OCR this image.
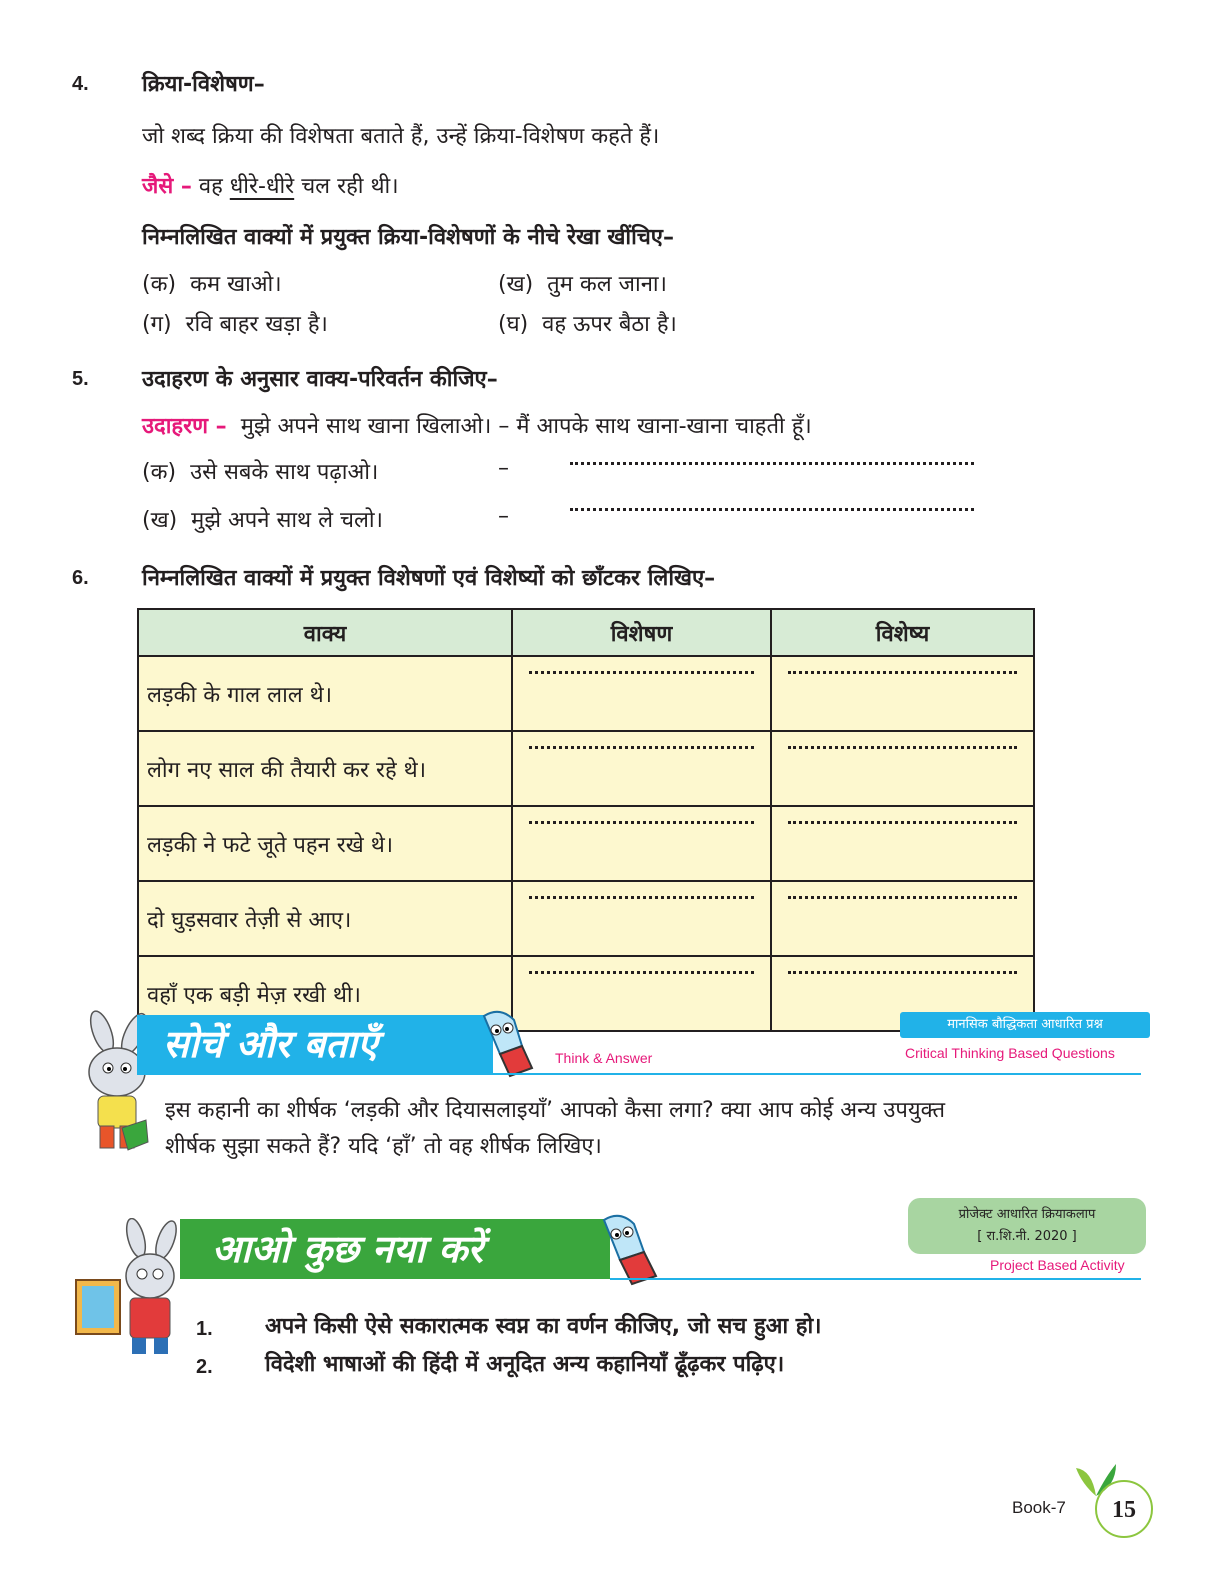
4. क्रिया-विशेषण–
जो शब्द क्रिया की विशेषता बताते हैं, उन्हें क्रिया-विशेषण कहते हैं।
जैसे – वह धीरे-धीरे चल रही थी।
निम्नलिखित वाक्यों में प्रयुक्त क्रिया-विशेषणों के नीचे रेखा खींचिए–
(क) कम खाओ।	(ख) तुम कल जाना।
(ग) रवि बाहर खड़ा है।	(घ) वह ऊपर बैठा है।
5. उदाहरण के अनुसार वाक्य-परिवर्तन कीजिए–
उदाहरण – मुझे अपने साथ खाना खिलाओ। – मैं आपके साथ खाना-खाना चाहती हूँ।
(क) उसे सबके साथ पढ़ाओ।	–
(ख) मुझे अपने साथ ले चलो।	–
6. निम्नलिखित वाक्यों में प्रयुक्त विशेषणों एवं विशेष्यों को छाँटकर लिखिए–
वाक्य	विशेषण	विशेष्य
लड़की के गाल लाल थे।	

लोग नए साल की तैयारी कर रहे थे।	

लड़की ने फटे जूते पहन रखे थे।	

दो घुड़सवार तेज़ी से आए।	

वहाँ एक बड़ी मेज़ रखी थी।	

सोचें और बताएँ	Think & Answer
मानसिक बौद्धिकता आधारित प्रश्न
Critical Thinking Based Questions
इस कहानी का शीर्षक ‘लड़की और दियासलाइयाँ’ आपको कैसा लगा? क्या आप कोई अन्य उपयुक्त
शीर्षक सुझा सकते हैं? यदि ‘हाँ’ तो वह शीर्षक लिखिए।
आओ कुछ नया करें
प्रोजेक्ट आधारित क्रियाकलाप
[ रा.शि.नी. 2020 ]
Project Based Activity
1. अपने किसी ऐसे सकारात्मक स्वप्न का वर्णन कीजिए, जो सच हुआ हो।
2. विदेशी भाषाओं की हिंदी में अनूदित अन्य कहानियाँ ढूँढ़कर पढ़िए।
Book-7	15
